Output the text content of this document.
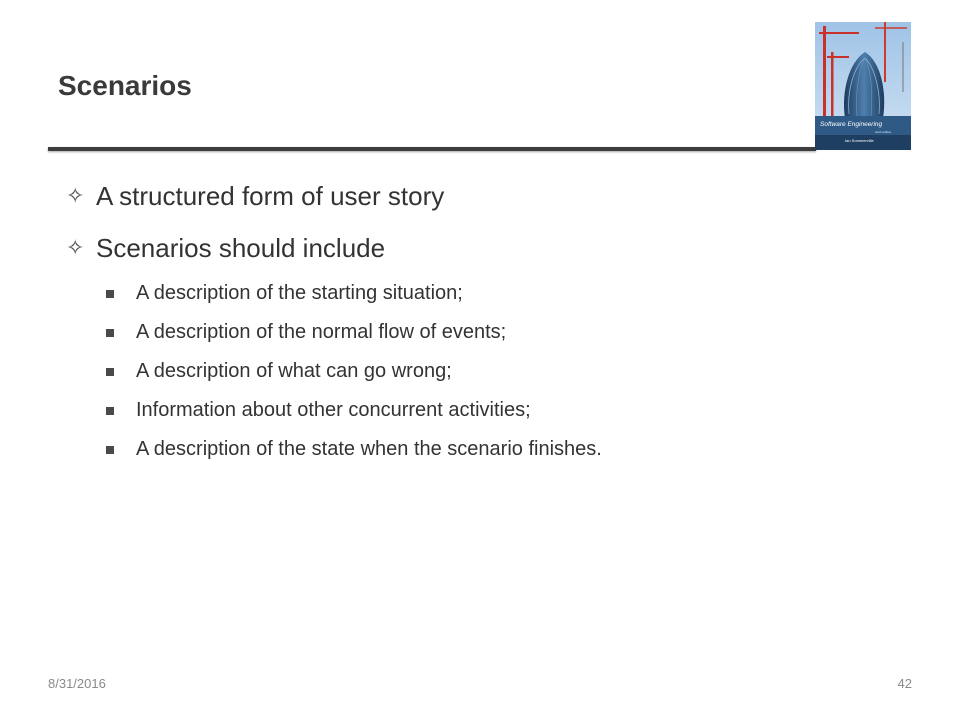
Scenarios
Software Engineering
tenth edition
Ian Sommerville
✧ A structured form of user story
✧ Scenarios should include
A description of the starting situation;
A description of the normal flow of events;
A description of what can go wrong;
Information about other concurrent activities;
A description of the state when the scenario finishes.
8/31/2016	42
